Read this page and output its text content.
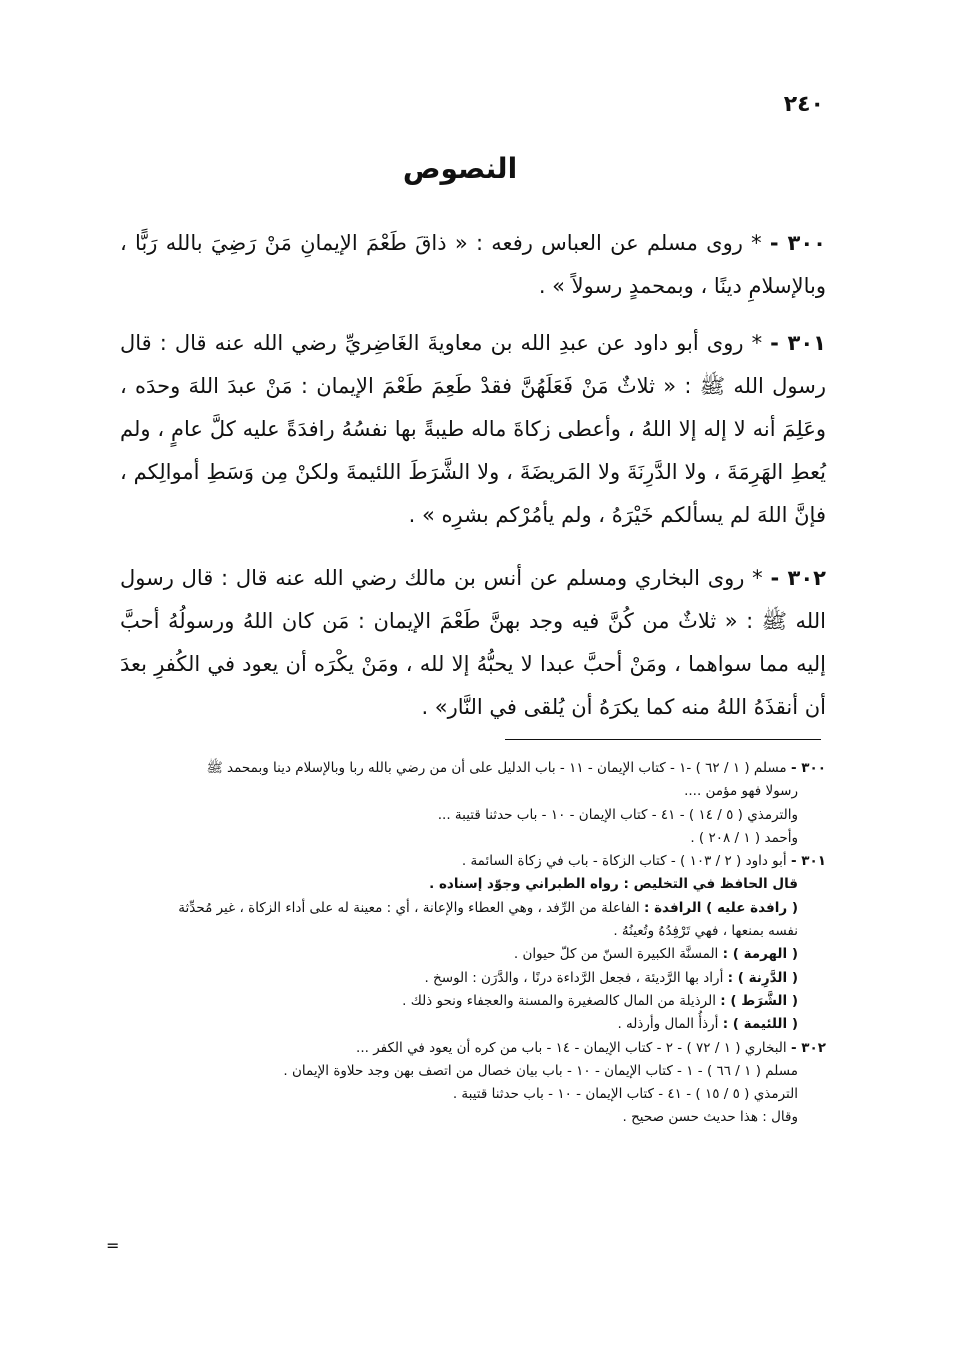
٢٤٠
النصوص
٣٠٠ - * روى مسلم عن العباس رفعه : « ذاقَ طَعْمَ الإيمانِ مَنْ رَضِيَ بالله رَبًّا ، وبالإسلامِ دينًا ، وبمحمدٍ رسولاً » .
٣٠١ - * روى أبو داود عن عبدِ الله بن معاويةَ الغَاضِريِّ رضي الله عنه قال : قال رسول الله ﷺ : « ثلاثٌ مَنْ فَعَلَهُنَّ فقدْ طَعِمَ طَعْمَ الإيمان : مَنْ عبدَ اللهَ وحدَه ، وعَلِمَ أنه لا إله إلا اللهُ ، وأعطى زكاةَ ماله طيبةً بها نفسُهُ رافدَةً عليه كلَّ عامٍ ، ولم يُعطِ الهَرِمَةَ ، ولا الدَّرِنَةَ ولا المَريضَةَ ، ولا الشَّرَطَ اللئيمةَ ولكنْ مِن وَسَطِ أموالِكم ، فإنَّ اللهَ لم يسألكم خَيْرَهُ ، ولم يأمُرْكم بشرِه » .
٣٠٢ - * روى البخاري ومسلم عن أنس بن مالك رضي الله عنه قال : قال رسول الله ﷺ : « ثلاثٌ من كُنَّ فيه وجد بهنَّ طَعْمَ الإيمان : مَن كان اللهُ ورسولُهُ أحبَّ إليه مما سواهما ، ومَنْ أحبَّ عبدا لا يحبُّهُ إلا لله ، ومَنْ يكْرَه أن يعود في الكُفرِ بعدَ أن أنقذَهُ اللهُ منه كما يكرَهُ أن يُلقى في النَّار» .
٣٠٠ - مسلم ( ١ / ٦٢ ) -١ - كتاب الإيمان - ١١ - باب الدليل على أن من رضي بالله ربا وبالإسلام دينا وبمحمد ﷺ
رسولا فهو مؤمن ....
والترمذي ( ٥ / ١٤ ) - ٤١ - كتاب الإيمان - ١٠ - باب حدثنا قتيبة ...
وأحمد ( ١ / ٢٠٨ ) .
٣٠١ - أبو داود ( ٢ / ١٠٣ ) - كتاب الزكاة - باب في زكاة السائمة .
قال الحافظ في التخليص : رواه الطبراني وجوّد إسناده .
( رافدة عليه ) الرافدة : الفاعلة من الرِّفد ، وهي العطاء والإعانة ، أي : معينة له على أداء الزكاة ، غير مُحدِّثة
نفسه بمنعها ، فهي تَرْفِدُهُ وتُعينُهُ .
( الهرمة ) : المسنَّة الكبيرة السنّ من كلّ حيوان .
( الدَّرِنة ) : أراد بها الرَّديئة ، فجعل الرَّداءة درنًا ، والدَّرَن : الوسخ .
( الشَّرَط ) : الرذيلة من المال كالصغيرة والمسنة والعجفاء ونحو ذلك .
( اللئيمة ) : أرذأُ المال وأرذله .
٣٠٢ - البخاري ( ١ / ٧٢ ) - ٢ - كتاب الإيمان - ١٤ - باب من كره أن يعود في الكفر ...
مسلم ( ١ / ٦٦ ) - ١ - كتاب الإيمان - ١٠ - باب بيان خصال من اتصف بهن وجد حلاوة الإيمان .
الترمذي ( ٥ / ١٥ ) - ٤١ - كتاب الإيمان - ١٠ - باب حدثنا قتيبة .
وقال : هذا حديث حسن صحيح .
=
